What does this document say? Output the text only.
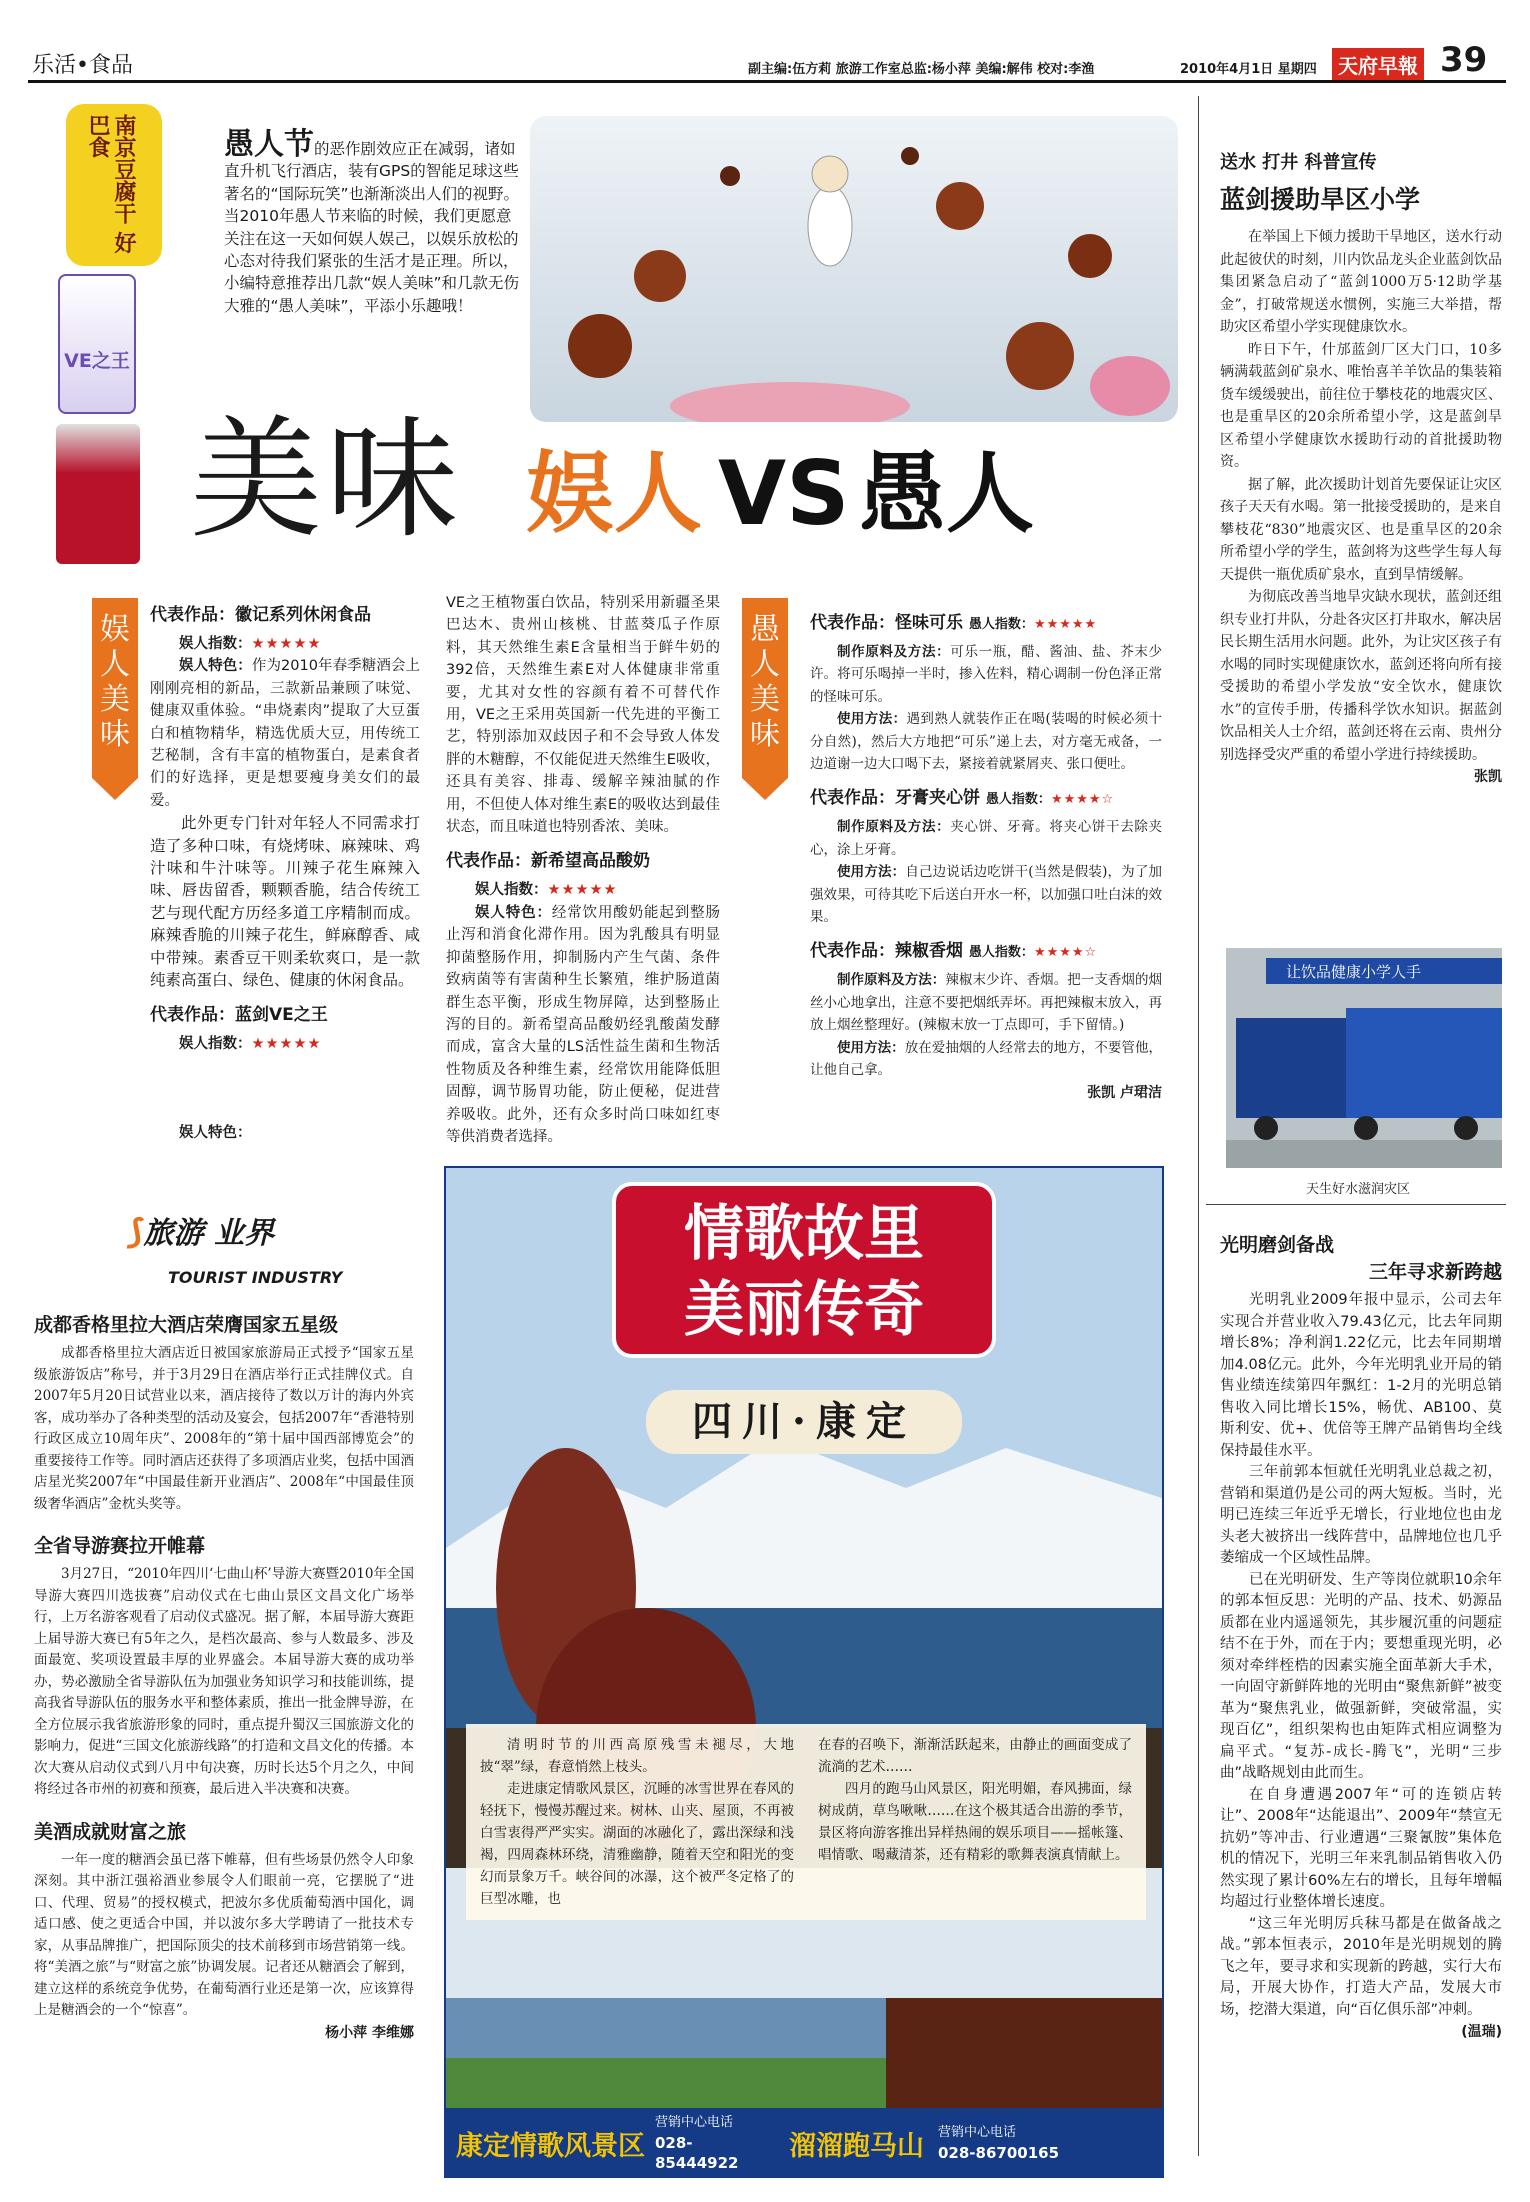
乐活•食品	副主编:伍方莉 旅游工作室总监:杨小萍 美编:解伟 校对:李渔	2010年4月1日 星期四	天府早報 39
南京豆腐干 好巴食
VE之王
愚人节的恶作剧效应正在减弱，诸如直升机飞行酒店，装有GPS的智能足球这些著名的“国际玩笑”也渐渐淡出人们的视野。当2010年愚人节来临的时候，我们更愿意关注在这一天如何娱人娱己，以娱乐放松的心态对待我们紧张的生活才是正理。所以，小编特意推荐出几款“娱人美味”和几款无伤大雅的“愚人美味”，平添小乐趣哦！
美味 娱人 VS 愚人
娱人美味
愚人美味
代表作品：徽记系列休闲食品
娱人指数：★★★★★
娱人特色：作为2010年春季糖酒会上刚刚亮相的新品，三款新品兼顾了味觉、健康双重体验。“串烧素肉”提取了大豆蛋白和植物精华，精选优质大豆，用传统工艺秘制，含有丰富的植物蛋白，是素食者们的好选择，更是想要瘦身美女们的最爱。

此外更专门针对年轻人不同需求打造了多种口味，有烧烤味、麻辣味、鸡汁味和牛汁味等。川辣子花生麻辣入味、唇齿留香，颗颗香脆，结合传统工艺与现代配方历经多道工序精制而成。麻辣香脆的川辣子花生，鲜麻醇香、咸中带辣。素香豆干则柔软爽口，是一款纯素高蛋白、绿色、健康的休闲食品。

代表作品：蓝剑VE之王
娱人指数：★★★★★
娱人特色：
VE之王植物蛋白饮品，特别采用新疆圣果巴达木、贵州山核桃、甘蓝葵瓜子作原料，其天然维生素E含量相当于鲜牛奶的392倍，天然维生素E对人体健康非常重要，尤其对女性的容颜有着不可替代作用，VE之王采用英国新一代先进的平衡工艺，特别添加双歧因子和不会导致人体发胖的木糖醇，不仅能促进天然维生E吸收，还具有美容、排毒、缓解辛辣油腻的作用，不但使人体对维生素E的吸收达到最佳状态，而且味道也特别香浓、美味。
代表作品：新希望高品酸奶
娱人指数：★★★★★
娱人特色：经常饮用酸奶能起到整肠止泻和消食化滞作用。因为乳酸具有明显抑菌整肠作用，抑制肠内产生气菌、条件致病菌等有害菌种生长繁殖，维护肠道菌群生态平衡，形成生物屏障，达到整肠止泻的目的。新希望高品酸奶经乳酸菌发酵而成，富含大量的LS活性益生菌和生物活性物质及各种维生素，经常饮用能降低胆固醇，调节肠胃功能，防止便秘，促进营养吸收。此外，还有众多时尚口味如红枣等供消费者选择。
代表作品：怪味可乐 愚人指数：★★★★★
制作原料及方法：可乐一瓶，醋、酱油、盐、芥末少许。将可乐喝掉一半时，掺入佐料，精心调制一份色泽正常的怪味可乐。
使用方法：遇到熟人就装作正在喝(装喝的时候必须十分自然)，然后大方地把“可乐”递上去，对方毫无戒备，一边道谢一边大口喝下去，紧接着就紧屑夹、张口便吐。
代表作品：牙膏夹心饼 愚人指数：★★★★☆
制作原料及方法：夹心饼、牙膏。将夹心饼干去除夹心，涂上牙膏。
使用方法：自己边说话边吃饼干(当然是假装)，为了加强效果，可待其吃下后送白开水一杯，以加强口吐白沫的效果。
代表作品：辣椒香烟 愚人指数：★★★★☆
制作原料及方法：辣椒末少许、香烟。把一支香烟的烟丝小心地拿出，注意不要把烟纸弄坏。再把辣椒末放入，再放上烟丝整理好。(辣椒末放一丁点即可，手下留情。)
使用方法：放在爱抽烟的人经常去的地方，不要管他，让他自己拿。
张凯 卢珺洁
送水 打井 科普宣传
蓝剑援助旱区小学

在举国上下倾力援助干旱地区，送水行动此起彼伏的时刻，川内饮品龙头企业蓝剑饮品集团紧急启动了“蓝剑1000万5·12助学基金”，打破常规送水惯例，实施三大举措，帮助灾区希望小学实现健康饮水。

昨日下午，什邡蓝剑厂区大门口，10多辆满载蓝剑矿泉水、唯怡喜羊羊饮品的集装箱货车缓缓驶出，前往位于攀枝花的地震灾区、也是重旱区的20余所希望小学，这是蓝剑旱区希望小学健康饮水援助行动的首批援助物资。

据了解，此次援助计划首先要保证让灾区孩子天天有水喝。第一批接受援助的，是来自攀枝花“830”地震灾区、也是重旱区的20余所希望小学的学生，蓝剑将为这些学生每人每天提供一瓶优质矿泉水，直到旱情缓解。

为彻底改善当地旱灾缺水现状，蓝剑还组织专业打井队，分赴各灾区打井取水，解决居民长期生活用水问题。此外，为让灾区孩子有水喝的同时实现健康饮水，蓝剑还将向所有接受援助的希望小学发放“安全饮水，健康饮水”的宣传手册，传播科学饮水知识。据蓝剑饮品相关人士介绍，蓝剑还将在云南、贵州分别选择受灾严重的希望小学进行持续援助。

张凯
让饮品健康小学人手
天生好水滋润灾区
光明磨剑备战
三年寻求新跨越

光明乳业2009年报中显示，公司去年实现合并营业收入79.43亿元，比去年同期增长8%；净利润1.22亿元，比去年同期增加4.08亿元。此外，今年光明乳业开局的销售业绩连续第四年飘红：1-2月的光明总销售收入同比增长15%，畅优、AB100、莫斯利安、优+、优倍等王牌产品销售均全线保持最佳水平。

三年前郭本恒就任光明乳业总裁之初，营销和渠道仍是公司的两大短板。当时，光明已连续三年近乎无增长，行业地位也由龙头老大被挤出一线阵营中，品牌地位也几乎萎缩成一个区域性品牌。

已在光明研发、生产等岗位就职10余年的郭本恒反思：光明的产品、技术、奶源品质都在业内遥遥领先，其步履沉重的问题症结不在于外，而在于内；要想重现光明，必须对牵绊桎梏的因素实施全面革新大手术，一向固守新鲜阵地的光明由“聚焦新鲜”被变革为“聚焦乳业，做强新鲜，突破常温，实现百亿”，组织架构也由矩阵式相应调整为扁平式。“复苏-成长-腾飞”，光明“三步曲”战略规划由此而生。

在自身遭遇2007年“可的连锁店转让”、2008年“达能退出”、2009年“禁宣无抗奶”等冲击、行业遭遇“三聚氰胺”集体危机的情况下，光明三年来乳制品销售收入仍然实现了累计60%左右的增长，且每年增幅均超过行业整体增长速度。

“这三年光明厉兵秣马都是在做备战之战。”郭本恒表示，2010年是光明规划的腾飞之年，要寻求和实现新的跨越，实行大布局，开展大协作，打造大产品，发展大市场，挖潜大渠道，向“百亿俱乐部”冲刺。

(温瑞)
⟆旅游 业界
TOURIST INDUSTRY
成都香格里拉大酒店荣膺国家五星级

成都香格里拉大酒店近日被国家旅游局正式授予“国家五星级旅游饭店”称号，并于3月29日在酒店举行正式挂牌仪式。自2007年5月20日试营业以来，酒店接待了数以万计的海内外宾客，成功举办了各种类型的活动及宴会，包括2007年“香港特别行政区成立10周年庆”、2008年的“第十届中国西部博览会”的重要接待工作等。同时酒店还获得了多项酒店业奖，包括中国酒店星光奖2007年“中国最佳新开业酒店”、2008年“中国最佳顶级奢华酒店”金枕头奖等。

全省导游赛拉开帷幕

3月27日，“2010年四川‘七曲山杯’导游大赛暨2010年全国导游大赛四川选拔赛”启动仪式在七曲山景区文昌文化广场举行，上万名游客观看了启动仪式盛况。据了解，本届导游大赛距上届导游大赛已有5年之久，是档次最高、参与人数最多、涉及面最宽、奖项设置最丰厚的业界盛会。本届导游大赛的成功举办，势必激励全省导游队伍为加强业务知识学习和技能训练，提高我省导游队伍的服务水平和整体素质，推出一批金牌导游，在全方位展示我省旅游形象的同时，重点提升蜀汉三国旅游文化的影响力，促进“三国文化旅游线路”的打造和文昌文化的传播。本次大赛从启动仪式到八月中旬决赛，历时长达5个月之久，中间将经过各市州的初赛和预赛，最后进入半决赛和决赛。

美酒成就财富之旅

一年一度的糖酒会虽已落下帷幕，但有些场景仍然令人印象深刻。其中浙江强裕酒业参展令人们眼前一亮，它摆脱了“进口、代理、贸易”的授权模式，把波尔多优质葡萄酒中国化，调适口感、使之更适合中国，并以波尔多大学聘请了一批技术专家，从事品牌推广，把国际顶尖的技术前移到市场营销第一线。将“美酒之旅”与“财富之旅”协调发展。记者还从糖酒会了解到，建立这样的系统竞争优势，在葡萄酒行业还是第一次，应该算得上是糖酒会的一个“惊喜”。

杨小萍 李维娜
情歌故里
美丽传奇
四川·康定

清明时节的川西高原残雪未褪尽，大地披“翠”绿，春意悄然上枝头。

走进康定情歌风景区，沉睡的冰雪世界在春风的轻抚下，慢慢苏醒过来。树林、山夹、屋顶，不再被白雪衷得严严实实。湖面的冰融化了，露出深绿和浅褐，四周森林环绕，清雅幽静，随着天空和阳光的变幻而景象万千。峡谷间的冰瀑，这个被严冬定格了的巨型冰雕，也

在春的召唤下，渐渐活跃起来，由静止的画面变成了流淌的艺术……

四月的跑马山风景区，阳光明媚，春风拂面，绿树成荫，草鸟啾啾……在这个极其适合出游的季节，景区将向游客推出异样热闹的娱乐项目——摇帐篷、唱情歌、喝藏清茶，还有精彩的歌舞表演真情献上。

康定情歌风景区
营销中心电话
028-85444922
溜溜跑马山	营销中心电话
028-86700165
